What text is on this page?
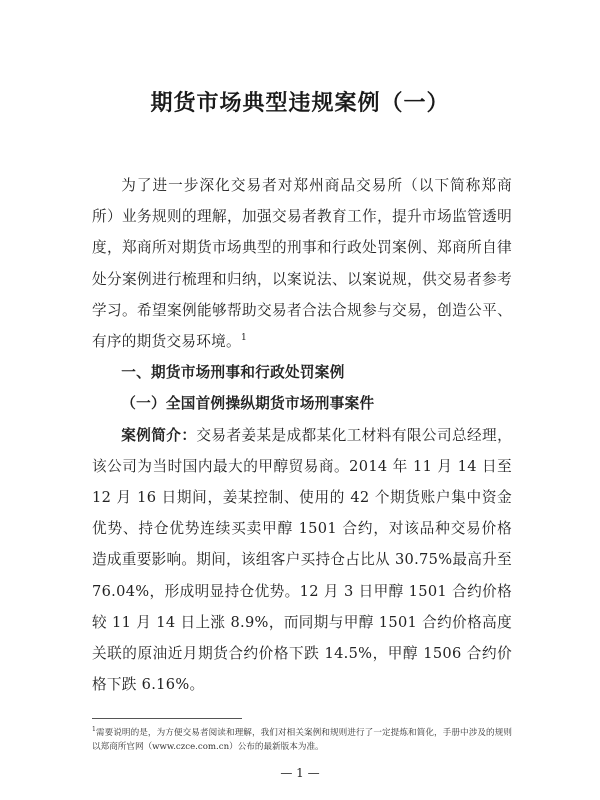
期货市场典型违规案例（一）

为了进一步深化交易者对郑州商品交易所（以下简称郑商所）业务规则的理解，加强交易者教育工作，提升市场监管透明度，郑商所对期货市场典型的刑事和行政处罚案例、郑商所自律处分案例进行梳理和归纳，以案说法、以案说规，供交易者参考学习。希望案例能够帮助交易者合法合规参与交易，创造公平、有序的期货交易环境。$^1$

一、期货市场刑事和行政处罚案例

（一）全国首例操纵期货市场刑事案件

案例简介：交易者姜某是成都某化工材料有限公司总经理，该公司为当时国内最大的甲醇贸易商。2014 年 11 月 14 日至 12 月 16 日期间，姜某控制、使用的 42 个期货账户集中资金优势、持仓优势连续买卖甲醇 1501 合约，对该品种交易价格造成重要影响。期间，该组客户买持仓占比从 30.75%最高升至 76.04%，形成明显持仓优势。12 月 3 日甲醇 1501 合约价格较 11 月 14 日上涨 8.9%，而同期与甲醇 1501 合约价格高度关联的原油近月期货合约价格下跌 14.5%，甲醇 1506 合约价格下跌 6.16%。

$^1$需要说明的是，为方便交易者阅读和理解，我们对相关案例和规则进行了一定提炼和简化，手册中涉及的规则以郑商所官网（www.czce.com.cn）公布的最新版本为准。
— 1 —
